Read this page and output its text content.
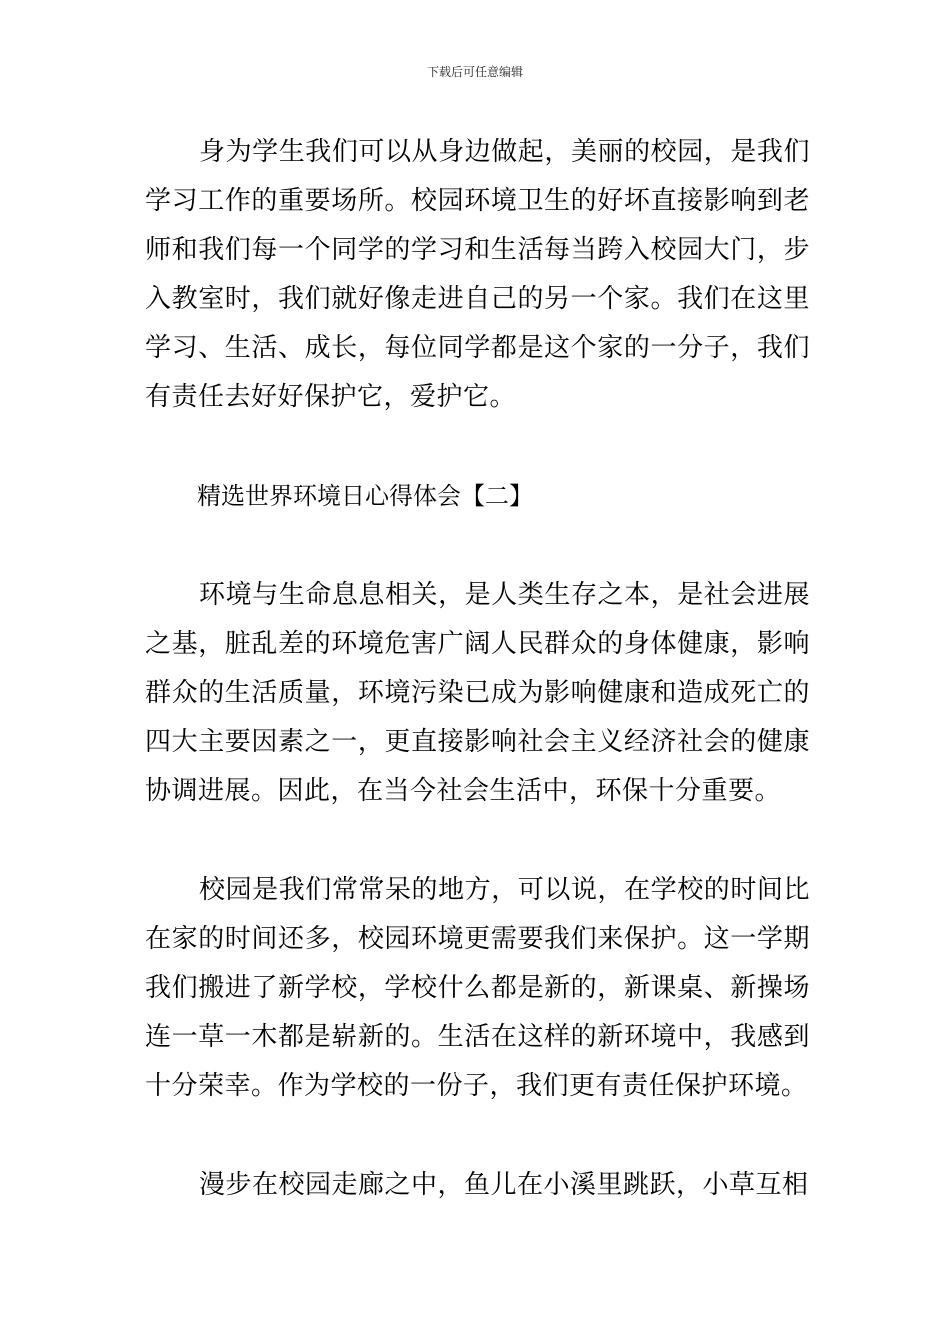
下载后可任意编辑

身为学生我们可以从身边做起，美丽的校园，是我们学习工作的重要场所。校园环境卫生的好坏直接影响到老师和我们每一个同学的学习和生活每当跨入校园大门，步入教室时，我们就好像走进自己的另一个家。我们在这里学习、生活、成长，每位同学都是这个家的一分子，我们有责任去好好保护它，爱护它。

精选世界环境日心得体会【二】

环境与生命息息相关，是人类生存之本，是社会进展之基，脏乱差的环境危害广阔人民群众的身体健康，影响群众的生活质量，环境污染已成为影响健康和造成死亡的四大主要因素之一，更直接影响社会主义经济社会的健康协调进展。因此，在当今社会生活中，环保十分重要。

校园是我们常常呆的地方，可以说，在学校的时间比在家的时间还多，校园环境更需要我们来保护。这一学期我们搬进了新学校，学校什么都是新的，新课桌、新操场连一草一木都是崭新的。生活在这样的新环境中，我感到十分荣幸。作为学校的一份子，我们更有责任保护环境。

漫步在校园走廊之中，鱼儿在小溪里跳跃，小草互相
